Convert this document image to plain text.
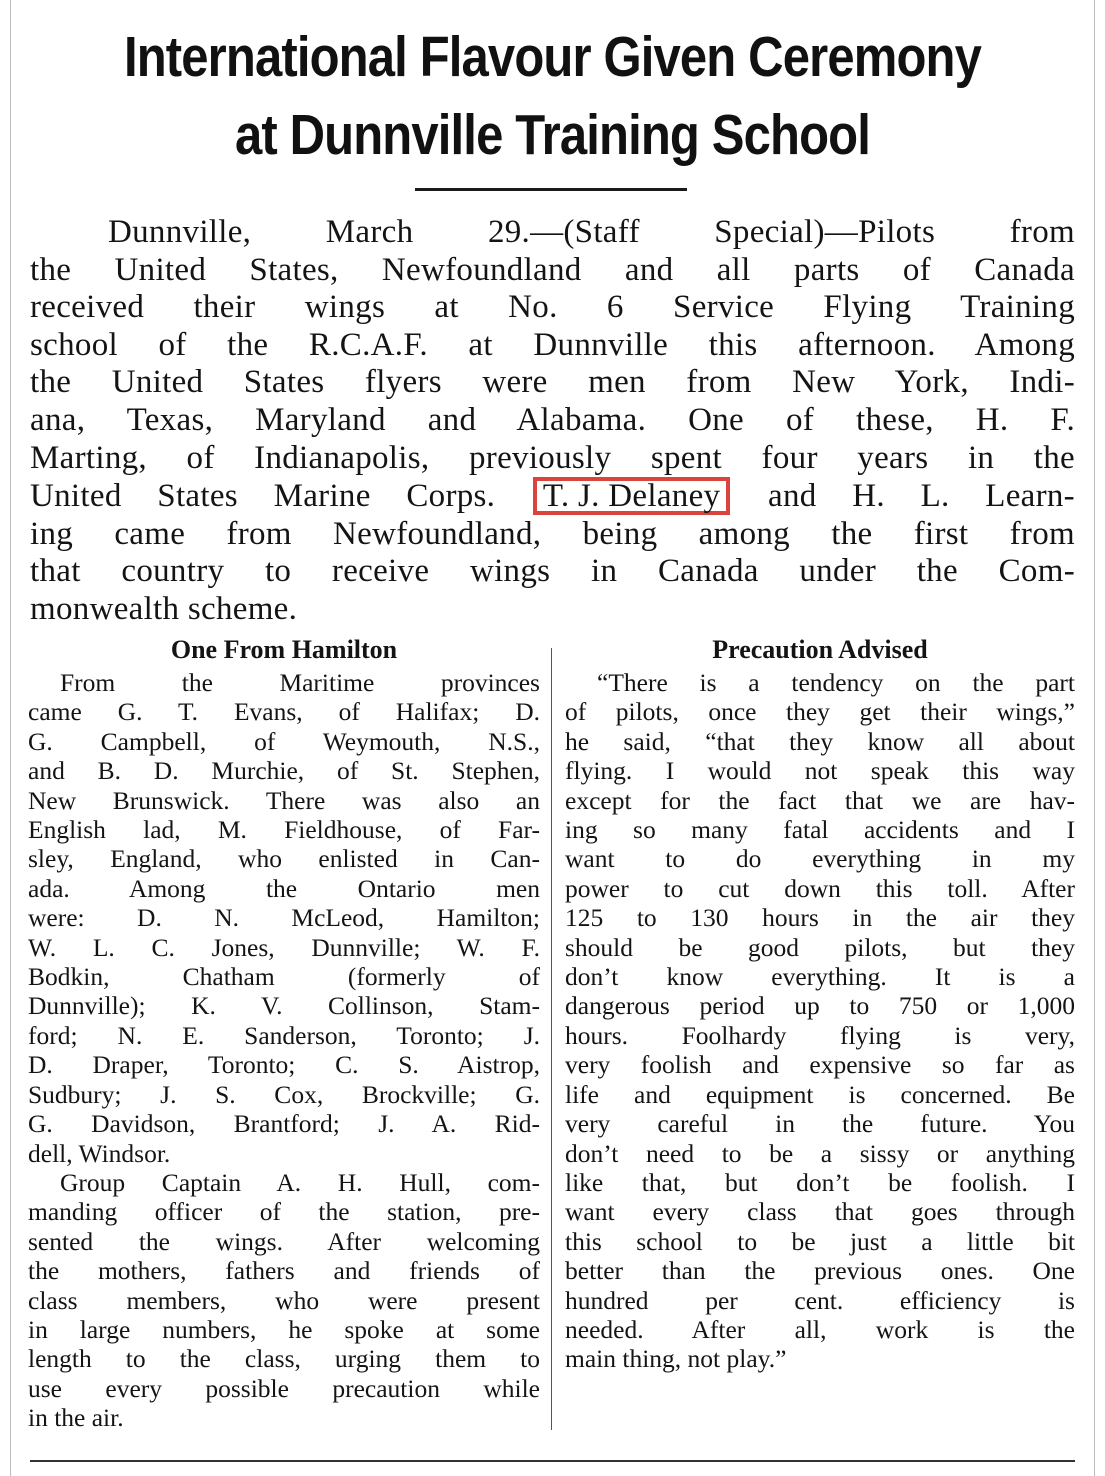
International Flavour Given Ceremony
at Dunnville Training School
Dunnville, March 29.—(Staff Special)—Pilots from
the United States, Newfoundland and all parts of Canada
received their wings at No. 6 Service Flying Training
school of the R.C.A.F. at Dunnville this afternoon. Among
the United States flyers were men from New York, Indi-
ana, Texas, Maryland and Alabama. One of these, H. F.
Marting, of Indianapolis, previously spent four years in the
United States Marine Corps. T. J. Delaney and H. L. Learn-
ing came from Newfoundland, being among the first from
that country to receive wings in Canada under the Com-
monwealth scheme.
One From Hamilton
From the Maritime provinces
came G. T. Evans, of Halifax; D.
G. Campbell, of Weymouth, N.S.,
and B. D. Murchie, of St. Stephen,
New Brunswick. There was also an
English lad, M. Fieldhouse, of Far-
sley, England, who enlisted in Can-
ada. Among the Ontario men
were: D. N. McLeod, Hamilton;
W. L. C. Jones, Dunnville; W. F.
Bodkin, Chatham (formerly of
Dunnville); K. V. Collinson, Stam-
ford; N. E. Sanderson, Toronto; J.
D. Draper, Toronto; C. S. Aistrop,
Sudbury; J. S. Cox, Brockville; G.
G. Davidson, Brantford; J. A. Rid-
dell, Windsor.
Group Captain A. H. Hull, com-
manding officer of the station, pre-
sented the wings. After welcoming
the mothers, fathers and friends of
class members, who were present
in large numbers, he spoke at some
length to the class, urging them to
use every possible precaution while
in the air.
Precaution Advised
“There is a tendency on the part
of pilots, once they get their wings,”
he said, “that they know all about
flying. I would not speak this way
except for the fact that we are hav-
ing so many fatal accidents and I
want to do everything in my
power to cut down this toll. After
125 to 130 hours in the air they
should be good pilots, but they
don’t know everything. It is a
dangerous period up to 750 or 1,000
hours. Foolhardy flying is very,
very foolish and expensive so far as
life and equipment is concerned. Be
very careful in the future. You
don’t need to be a sissy or anything
like that, but don’t be foolish. I
want every class that goes through
this school to be just a little bit
better than the previous ones. One
hundred per cent. efficiency is
needed. After all, work is the
main thing, not play.”
